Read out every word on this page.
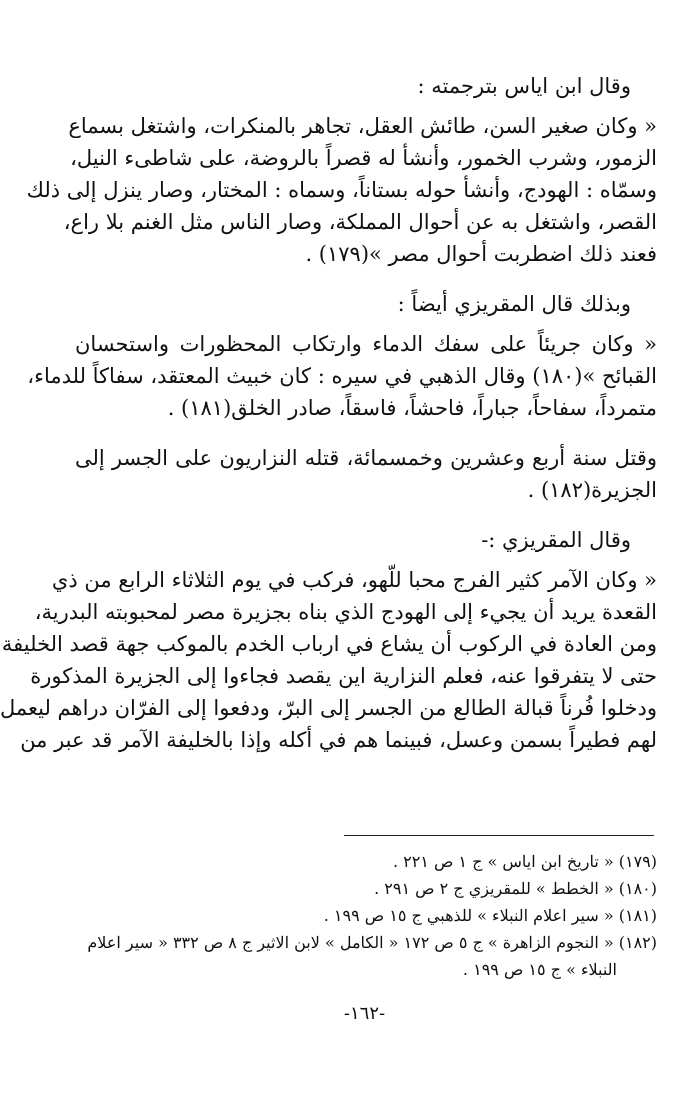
وقال ابن اياس بترجمته :
« وكان صغير السن، طائش العقل، تجاهر بالمنكرات، واشتغل بسماع
الزمور، وشرب الخمور، وأنشأ له قصراً بالروضة، على شاطىء النيل،
وسمّاه : الهودج، وأنشأ حوله بستاناً، وسماه : المختار، وصار ينزل إلى ذلك
القصر، واشتغل به عن أحوال المملكة، وصار الناس مثل الغنم بلا راع،
فعند ذلك اضطربت أحوال مصر »(١٧٩) .
وبذلك قال المقريزي أيضاً :
« وكان جريئاً على سفك الدماء وارتكاب المحظورات واستحسان
القبائح »(١٨٠) وقال الذهبي في سيره : كان خبيث المعتقد، سفاكاً للدماء،
متمرداً، سفاحاً، جباراً، فاحشاً، فاسقاً، صادر الخلق(١٨١) .
وقتل سنة أربع وعشرين وخمسمائة، قتله النزاريون على الجسر إلى
الجزيرة(١٨٢) .
وقال المقريزي :-
« وكان الآمر كثير الفرج محبا للّهو، فركب في يوم الثلاثاء الرابع من ذي
القعدة يريد أن يجيء إلى الهودج الذي بناه بجزيرة مصر لمحبوبته البدرية،
ومن العادة في الركوب أن يشاع في ارباب الخدم بالموكب جهة قصد الخليفة
حتى لا يتفرقوا عنه، فعلم النزارية اين يقصد فجاءوا إلى الجزيرة المذكورة
ودخلوا فُرناً قبالة الطالع من الجسر إلى البرّ، ودفعوا إلى الفرّان دراهم ليعمل
لهم فطيراً بسمن وعسل، فبينما هم في أكله وإذا بالخليفة الآمر قد عبر من
(١٧٩) « تاريخ ابن اياس » ج ١ ص ٢٢١ .
(١٨٠) « الخطط » للمقريزي ج ٢ ص ٢٩١ .
(١٨١) « سير اعلام النبلاء » للذهبي ج ١٥ ص ١٩٩ .
(١٨٢) « النجوم الزاهرة » ج ٥ ص ١٧٢ « الكامل » لابن الاثير ج ٨ ص ٣٣٢ « سير اعلام
النبلاء » ج ١٥ ص ١٩٩ .
-١٦٢-
